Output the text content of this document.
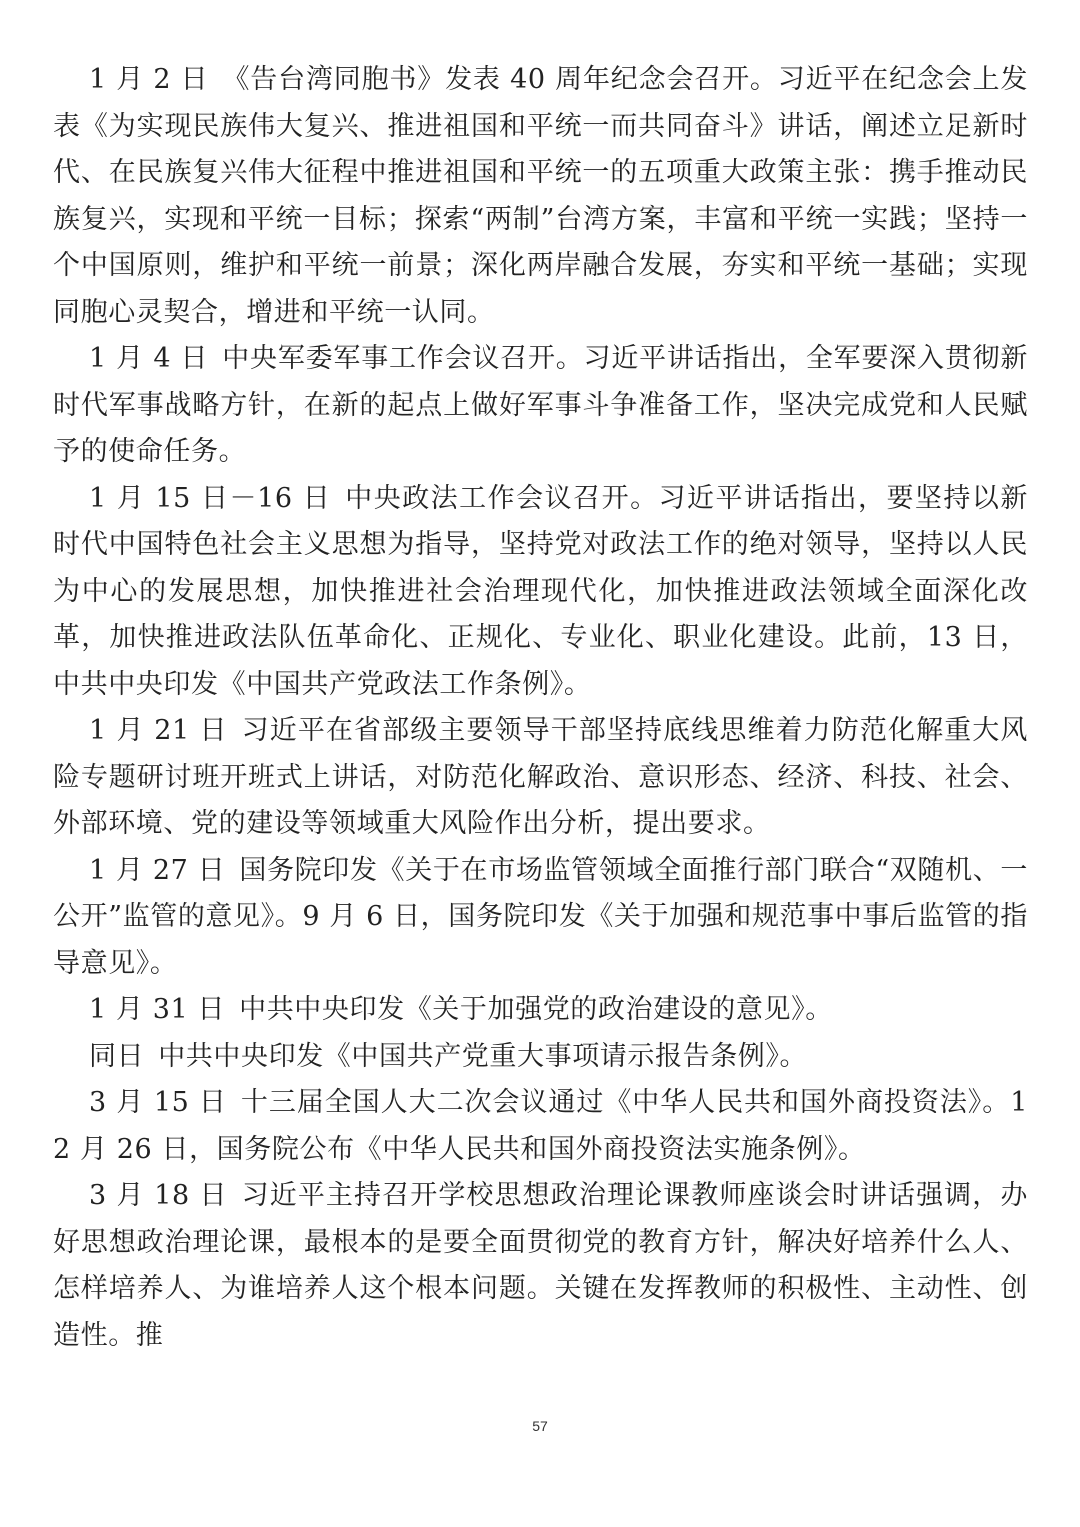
1 月 2 日 《告台湾同胞书》发表 40 周年纪念会召开。习近平在纪念会上发表《为实现民族伟大复兴、推进祖国和平统一而共同奋斗》讲话，阐述立足新时代、在民族复兴伟大征程中推进祖国和平统一的五项重大政策主张：携手推动民族复兴，实现和平统一目标；探索“两制”台湾方案，丰富和平统一实践；坚持一个中国原则，维护和平统一前景；深化两岸融合发展，夯实和平统一基础；实现同胞心灵契合，增进和平统一认同。

1 月 4 日 中央军委军事工作会议召开。习近平讲话指出，全军要深入贯彻新时代军事战略方针，在新的起点上做好军事斗争准备工作，坚决完成党和人民赋予的使命任务。

1 月 15 日－16 日 中央政法工作会议召开。习近平讲话指出，要坚持以新时代中国特色社会主义思想为指导，坚持党对政法工作的绝对领导，坚持以人民为中心的发展思想，加快推进社会治理现代化，加快推进政法领域全面深化改革，加快推进政法队伍革命化、正规化、专业化、职业化建设。此前，13 日，中共中央印发《中国共产党政法工作条例》。

1 月 21 日 习近平在省部级主要领导干部坚持底线思维着力防范化解重大风险专题研讨班开班式上讲话，对防范化解政治、意识形态、经济、科技、社会、外部环境、党的建设等领域重大风险作出分析，提出要求。

1 月 27 日 国务院印发《关于在市场监管领域全面推行部门联合“双随机、一公开”监管的意见》。9 月 6 日，国务院印发《关于加强和规范事中事后监管的指导意见》。

1 月 31 日 中共中央印发《关于加强党的政治建设的意见》。

同日 中共中央印发《中国共产党重大事项请示报告条例》。

3 月 15 日 十三届全国人大二次会议通过《中华人民共和国外商投资法》。12 月 26 日，国务院公布《中华人民共和国外商投资法实施条例》。

3 月 18 日 习近平主持召开学校思想政治理论课教师座谈会时讲话强调，办好思想政治理论课，最根本的是要全面贯彻党的教育方针，解决好培养什么人、怎样培养人、为谁培养人这个根本问题。关键在发挥教师的积极性、主动性、创造性。推

57
